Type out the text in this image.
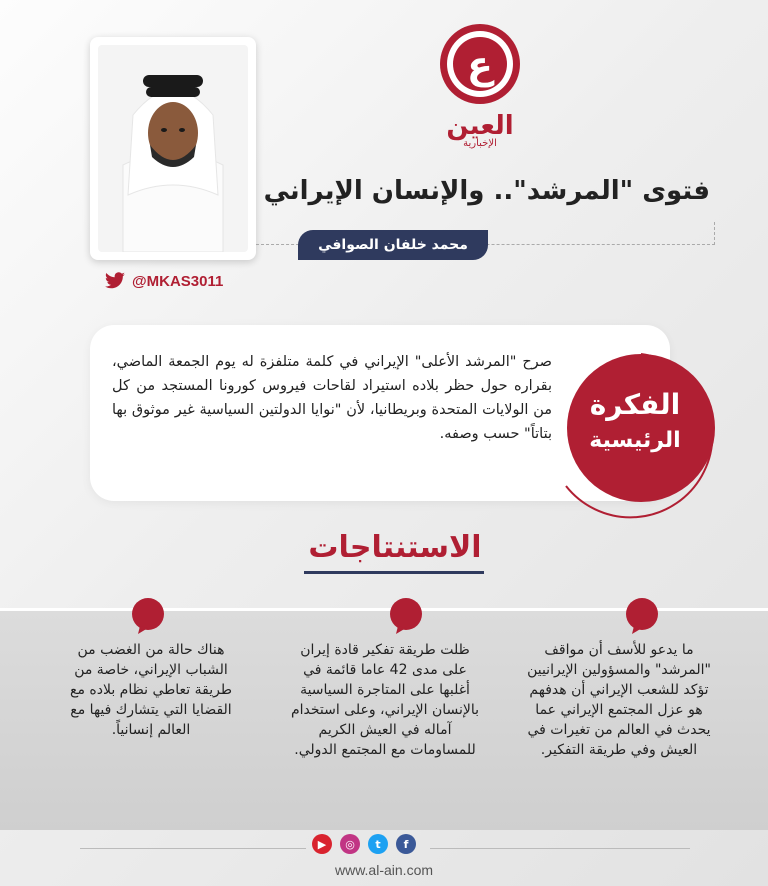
@MKAS3011
ع
العين
الإخبارية
فتوى "المرشد".. والإنسان الإيراني
محمد خلفان الصوافي
صرح "المرشد الأعلى" الإيراني في كلمة متلفزة له يوم الجمعة الماضي، بقراره حول حظر بلاده استيراد لقاحات فيروس كورونا المستجد من كل من الولايات المتحدة وبريطانيا، لأن "نوايا الدولتين السياسية غير موثوق بها بتاتاً" حسب وصفه.
الفكرة
الرئيسية
الاستنتاجات
ما يدعو للأسف أن مواقف "المرشد" والمسؤولين الإيرانيين تؤكد للشعب الإيراني أن هدفهم هو عزل المجتمع الإيراني عما يحدث في العالم من تغيرات في العيش وفي طريقة التفكير.
ظلت طريقة تفكير قادة إيران على مدى 42 عاما قائمة في أغلبها على المتاجرة السياسية بالإنسان الإيراني، وعلى استخدام آماله في العيش الكريم للمساومات مع المجتمع الدولي.
هناك حالة من الغضب من الشباب الإيراني، خاصة من طريقة تعاطي نظام بلاده مع القضايا التي يتشارك فيها مع العالم إنسانياً.
▶ ◎ t f
www.al-ain.com
